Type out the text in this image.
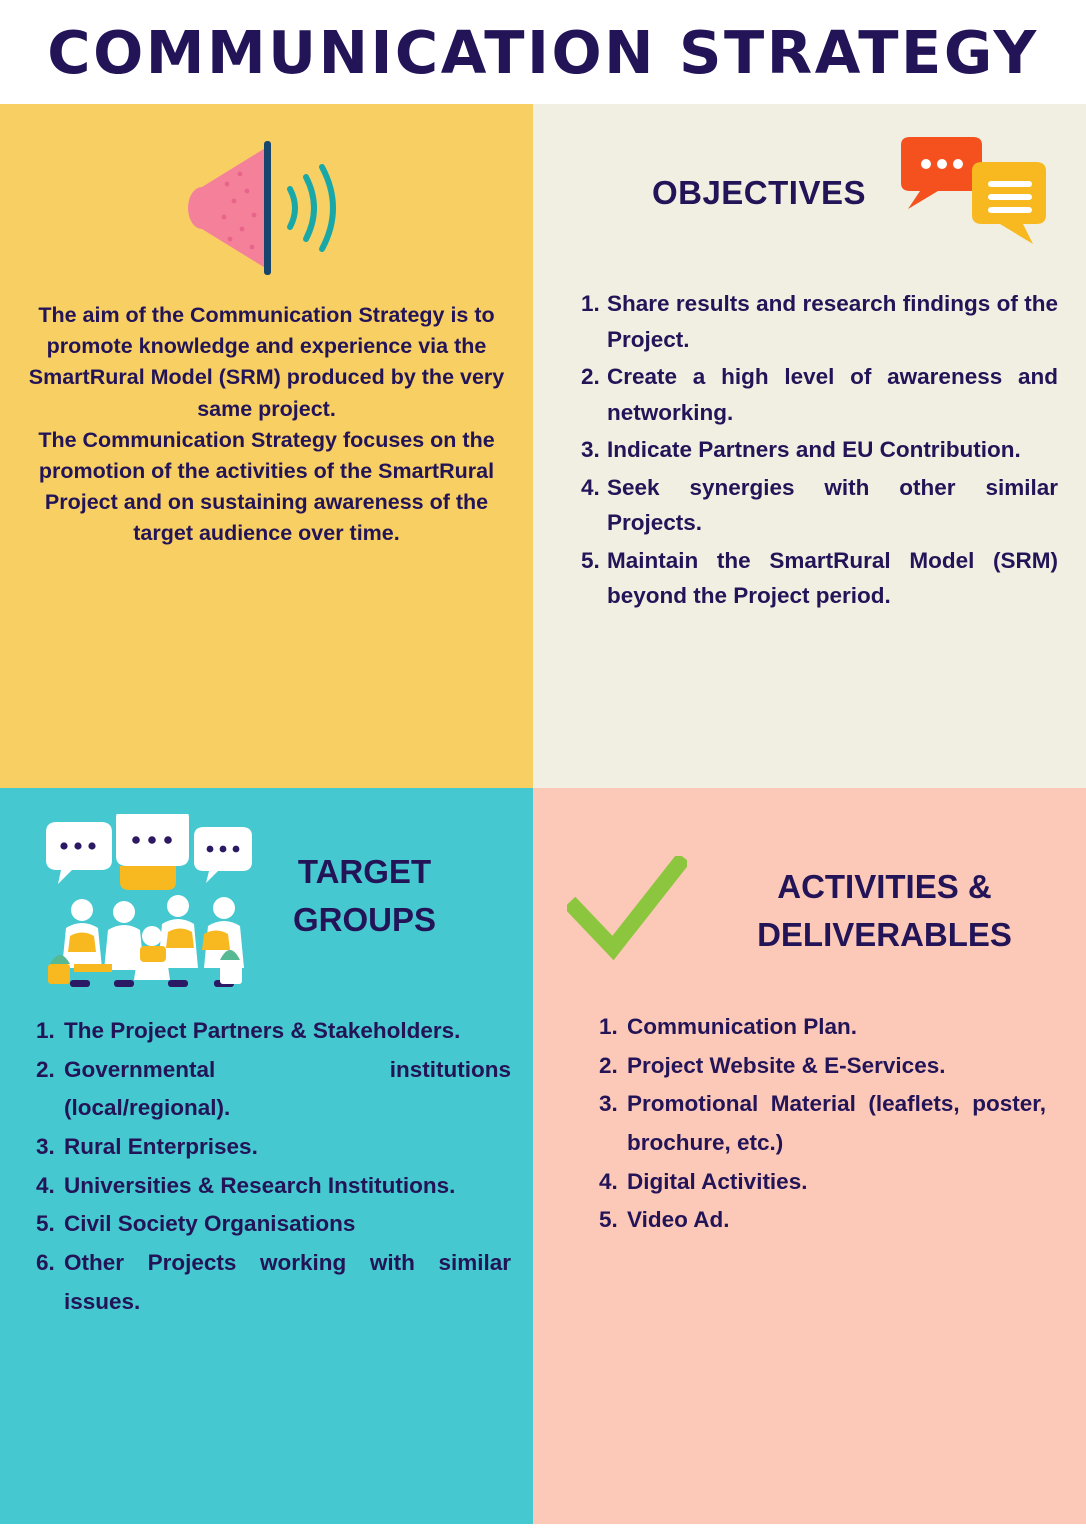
COMMUNICATION STRATEGY

The aim of the Communication Strategy is to promote knowledge and experience via the SmartRural Model (SRM) produced by the very same project.

The Communication Strategy focuses on the promotion of the activities of the SmartRural Project and on sustaining awareness of the target audience over time.

OBJECTIVES
1. Share results and research findings of the Project.
2. Create a high level of awareness and networking.
3. Indicate Partners and EU Contribution.
4. Seek synergies with other similar Projects.
5. Maintain the SmartRural Model (SRM) beyond the Project period.
TARGET GROUPS
1. The Project Partners & Stakeholders.
2. Governmental institutions (local/regional).
3. Rural Enterprises.
4. Universities & Research Institutions.
5. Civil Society Organisations
6. Other Projects working with similar issues.
ACTIVITIES & DELIVERABLES
1. Communication Plan.
2. Project Website & E-Services.
3. Promotional Material (leaflets, poster, brochure, etc.)
4. Digital Activities.
5. Video Ad.
